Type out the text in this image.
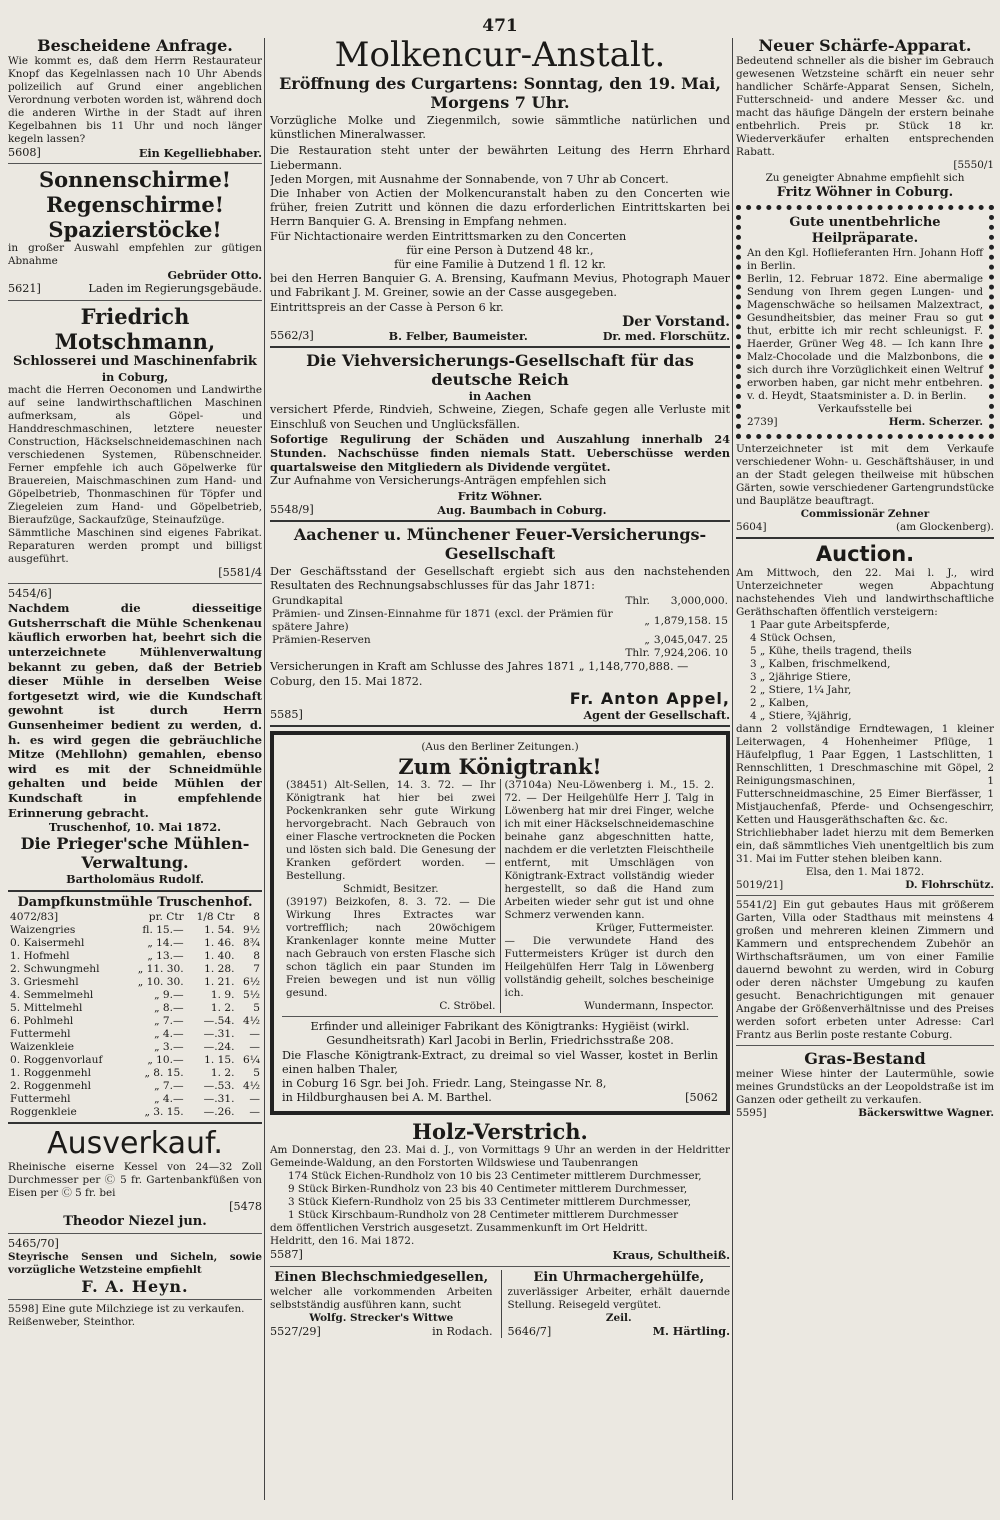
471
Bescheidene Anfrage.

Wie kommt es, daß dem Herrn Restaurateur Knopf das Kegelnlassen nach 10 Uhr Abends polizeilich auf Grund einer angeblichen Verordnung verboten worden ist, während doch die anderen Wirthe in der Stadt auf ihren Kegelbahnen bis 11 Uhr und noch länger kegeln lassen?

5608]	Ein Kegelliebhaber.
Sonnenschirme!
Regenschirme!
Spazierstöcke!

in großer Auswahl empfehlen zur gütigen Abnahme

Gebrüder Otto.
5621]	Laden im Regierungsgebäude.
Friedrich Motschmann,
Schlosserei und Maschinenfabrik
in Coburg,

macht die Herren Oeconomen und Landwirthe auf seine landwirthschaftlichen Maschinen aufmerksam, als Göpel- und Handdreschmaschinen, letztere neuester Construction, Häckselschneidemaschinen nach verschiedenen Systemen, Rübenschneider. Ferner empfehle ich auch Göpelwerke für Brauereien, Maischmaschinen zum Hand- und Göpelbetrieb, Thonmaschinen für Töpfer und Ziegeleien zum Hand- und Göpelbetrieb, Bieraufzüge, Sackaufzüge, Steinaufzüge.

Sämmtliche Maschinen sind eigenes Fabrikat. Reparaturen werden prompt und billigst ausgeführt.

[5581/4
5454/6]

Nachdem die diesseitige Gutsherrschaft die Mühle Schenkenau käuflich erworben hat, beehrt sich die unterzeichnete Mühlenverwaltung bekannt zu geben, daß der Betrieb dieser Mühle in derselben Weise fortgesetzt wird, wie die Kundschaft gewohnt ist durch Herrn Gunsenheimer bedient zu werden, d. h. es wird gegen die gebräuchliche Mitze (Mehllohn) gemahlen, ebenso wird es mit der Schneidmühle gehalten und beide Mühlen der Kundschaft in empfehlende Erinnerung gebracht.

Truschenhof, 10. Mai 1872.
Die Prieger'sche Mühlen-Verwaltung.
Bartholomäus Rudolf.
Dampfkunstmühle Truschenhof.
4072/83]	pr. Ctr	1/8 Ctr	8
Waizengries	fl. 15.—	1. 54.	9½
0. Kaisermehl	„ 14.—	1. 46.	8¾
1. Hofmehl	„ 13.—	1. 40.	8
2. Schwungmehl	„ 11. 30.	1. 28.	7
3. Griesmehl	„ 10. 30.	1. 21.	6½
4. Semmelmehl	„ 9.—	1. 9.	5½
5. Mittelmehl	„ 8.—	1. 2.	5
6. Pohlmehl	„ 7.—	—.54.	4½
Futtermehl	„ 4.—	—.31.	—
Waizenkleie	„ 3.—	—.24.	—
0. Roggenvorlauf	„ 10.—	1. 15.	6¼
1. Roggenmehl	„ 8. 15.	1. 2.	5
2. Roggenmehl	„ 7.—	—.53.	4½
Futtermehl	„ 4.—	—.31.	—
Roggenkleie	„ 3. 15.	—.26.	—
Ausverkauf.

Rheinische eiserne Kessel von 24—32 Zoll Durchmesser per Ⓒ 5 fr. Gartenbankfüßen von Eisen per Ⓒ 5 fr. bei

[5478
Theodor Niezel jun.
5465/70]

Steyrische Sensen und Sicheln, sowie vorzügliche Wetzsteine empfiehlt

F. A. Heyn.
5598] Eine gute Milchziege ist zu verkaufen. Reißenweber, Steinthor.
Molkencur-Anstalt.
Eröffnung des Curgartens: Sonntag, den 19. Mai,
Morgens 7 Uhr.

Vorzügliche Molke und Ziegenmilch, sowie sämmtliche natürlichen und künstlichen Mineralwasser.

Die Restauration steht unter der bewährten Leitung des Herrn Ehrhard Liebermann.

Jeden Morgen, mit Ausnahme der Sonnabende, von 7 Uhr ab Concert.

Die Inhaber von Actien der Molkencuranstalt haben zu den Concerten wie früher, freien Zutritt und können die dazu erforderlichen Eintrittskarten bei Herrn Banquier G. A. Brensing in Empfang nehmen.

Für Nichtactionaire werden Eintrittsmarken zu den Concerten

für eine Person à Dutzend 48 kr.,
für eine Familie à Dutzend 1 fl. 12 kr.

bei den Herren Banquier G. A. Brensing, Kaufmann Mevius, Photograph Mauer und Fabrikant J. M. Greiner, sowie an der Casse ausgegeben.

Eintrittspreis an der Casse à Person 6 kr.

Der Vorstand.
5562/3]	B. Felber, Baumeister.	Dr. med. Florschütz.
Die Viehversicherungs-Gesellschaft für das deutsche Reich
in Aachen

versichert Pferde, Rindvieh, Schweine, Ziegen, Schafe gegen alle Verluste mit Einschluß von Seuchen und Unglücksfällen.

Sofortige Regulirung der Schäden und Auszahlung innerhalb 24 Stunden. Nachschüsse finden niemals Statt. Ueberschüsse werden quartalsweise den Mitgliedern als Dividende vergütet.

Zur Aufnahme von Versicherungs-Anträgen empfehlen sich

Fritz Wöhner.
5548/9]	Aug. Baumbach in Coburg.
Aachener u. Münchener Feuer-Versicherungs-Gesellschaft

Der Geschäftsstand der Gesellschaft ergiebt sich aus den nachstehenden Resultaten des Rechnungsabschlusses für das Jahr 1871:

Grundkapital	Thlr.	3,000,000.
Prämien- und Zinsen-Einnahme für 1871 (excl. der Prämien für spätere Jahre)	„	1,879,158. 15
Prämien-Reserven	„	3,045,047. 25
	Thlr.	7,924,206. 10

Versicherungen in Kraft am Schlusse des Jahres 1871 „ 1,148,770,888. —

Coburg, den 15. Mai 1872.
Fr. Anton Appel,
5585]	Agent der Gesellschaft.
(Aus den Berliner Zeitungen.)
Zum Königtrank!

(38451) Alt-Sellen, 14. 3. 72. — Ihr Königtrank hat hier bei zwei Pockenkranken sehr gute Wirkung hervorgebracht. Nach Gebrauch von einer Flasche vertrockneten die Pocken und lösten sich bald. Die Genesung der Kranken gefördert worden. — Bestellung.

Schmidt, Besitzer.

(39197) Beizkofen, 8. 3. 72. — Die Wirkung Ihres Extractes war vortrefflich; nach 20wöchigem Krankenlager konnte meine Mutter nach Gebrauch von ersten Flasche sich schon täglich ein paar Stunden im Freien bewegen und ist nun völlig gesund.

C. Ströbel.

(37104a) Neu-Löwenberg i. M., 15. 2. 72. — Der Heilgehülfe Herr J. Talg in Löwenberg hat mir drei Finger, welche ich mit einer Häckselschneidemaschine beinahe ganz abgeschnitten hatte, nachdem er die verletzten Fleischtheile entfernt, mit Umschlägen von Königtrank-Extract vollständig wieder hergestellt, so daß die Hand zum Arbeiten wieder sehr gut ist und ohne Schmerz verwenden kann.

Krüger, Futtermeister.

— Die verwundete Hand des Futtermeisters Krüger ist durch den Heilgehülfen Herr Talg in Löwenberg vollständig geheilt, solches bescheinige ich.

Wundermann, Inspector.

Erfinder und alleiniger Fabrikant des Königtranks: Hygiëist (wirkl. Gesundheitsrath) Karl Jacobi in Berlin, Friedrichsstraße 208.

Die Flasche Königtrank-Extract, zu dreimal so viel Wasser, kostet in Berlin einen halben Thaler,

in Coburg 16 Sgr. bei Joh. Friedr. Lang, Steingasse Nr. 8,

in Hildburghausen bei A. M. Barthel.	[5062
Holz-Verstrich.

Am Donnerstag, den 23. Mai d. J., von Vormittags 9 Uhr an werden in der Heldritter Gemeinde-Waldung, an den Forstorten Wildswiese und Taubenrangen

174 Stück Eichen-Rundholz von 10 bis 23 Centimeter mittlerem Durchmesser,
9 Stück Birken-Rundholz von 23 bis 40 Centimeter mittlerem Durchmesser,
3 Stück Kiefern-Rundholz von 25 bis 33 Centimeter mittlerem Durchmesser,
1 Stück Kirschbaum-Rundholz von 28 Centimeter mittlerem Durchmesser

dem öffentlichen Verstrich ausgesetzt. Zusammenkunft im Ort Heldritt.

Heldritt, den 16. Mai 1872.
5587]	Kraus, Schultheiß.
Einen Blechschmiedgesellen,

welcher alle vorkommenden Arbeiten selbstständig ausführen kann, sucht

Wolfg. Strecker's Wittwe
5527/29]	in Rodach.
Ein Uhrmachergehülfe,

zuverlässiger Arbeiter, erhält dauernde Stellung. Reisegeld vergütet.

Zeil.
5646/7]	M. Härtling.
Neuer Schärfe-Apparat.

Bedeutend schneller als die bisher im Gebrauch gewesenen Wetzsteine schärft ein neuer sehr handlicher Schärfe-Apparat Sensen, Sicheln, Futterschneid- und andere Messer &c. und macht das häufige Dängeln der erstern beinahe entbehrlich. Preis pr. Stück 18 kr. Wiederverkäufer erhalten entsprechenden Rabatt.

[5550/1
Zu geneigter Abnahme empfiehlt sich
Fritz Wöhner in Coburg.
Gute unentbehrliche
Heilpräparate.

An den Kgl. Hoflieferanten Hrn. Johann Hoff in Berlin.

Berlin, 12. Februar 1872. Eine abermalige Sendung von Ihrem gegen Lungen- und Magenschwäche so heilsamen Malzextract, Gesundheitsbier, das meiner Frau so gut thut, erbitte ich mir recht schleunigst. F. Haerder, Grüner Weg 48. — Ich kann Ihre Malz-Chocolade und die Malzbonbons, die sich durch ihre Vorzüglichkeit einen Weltruf erworben haben, gar nicht mehr entbehren. v. d. Heydt, Staatsminister a. D. in Berlin.

Verkaufsstelle bei
2739]	Herm. Scherzer.

Unterzeichneter ist mit dem Verkaufe verschiedener Wohn- u. Geschäftshäuser, in und an der Stadt gelegen theilweise mit hübschen Gärten, sowie verschiedener Gartengrundstücke und Bauplätze beauftragt.

Commissionär Zehner
5604]	(am Glockenberg).
Auction.

Am Mittwoch, den 22. Mai l. J., wird Unterzeichneter wegen Abpachtung nachstehendes Vieh und landwirthschaftliche Geräthschaften öffentlich versteigern:

1 Paar gute Arbeitspferde,
4 Stück Ochsen,
5 „ Kühe, theils tragend, theils
3 „ Kalben, frischmelkend,
3 „ 2jährige Stiere,
2 „ Stiere, 1¼ Jahr,
2 „ Kalben,
4 „ Stiere, ¾jährig,

dann 2 vollständige Erndtewagen, 1 kleiner Leiterwagen, 4 Hohenheimer Pflüge, 1 Häufelpflug, 1 Paar Eggen, 1 Lastschlitten, 1 Rennschlitten, 1 Dreschmaschine mit Göpel, 2 Reinigungsmaschinen, 1 Futterschneidmaschine, 25 Eimer Bierfässer, 1 Mistjauchenfaß, Pferde- und Ochsengeschirr, Ketten und Hausgeräthschaften &c. &c.

Strichliebhaber ladet hierzu mit dem Bemerken ein, daß sämmtliches Vieh unentgeltlich bis zum 31. Mai im Futter stehen bleiben kann.

Elsa, den 1. Mai 1872.
5019/21]	D. Flohrschütz.

5541/2] Ein gut gebautes Haus mit größerem Garten, Villa oder Stadthaus mit meinstens 4 großen und mehreren kleinen Zimmern und Kammern und entsprechendem Zubehör an Wirthschaftsräumen, um von einer Familie dauernd bewohnt zu werden, wird in Coburg oder deren nächster Umgebung zu kaufen gesucht. Benachrichtigungen mit genauer Angabe der Größenverhältnisse und des Preises werden sofort erbeten unter Adresse: Carl Frantz aus Berlin poste restante Coburg.

Gras-Bestand

meiner Wiese hinter der Lautermühle, sowie meines Grundstücks an der Leopoldstraße ist im Ganzen oder getheilt zu verkaufen.

5595]	Bäckerswittwe Wagner.
